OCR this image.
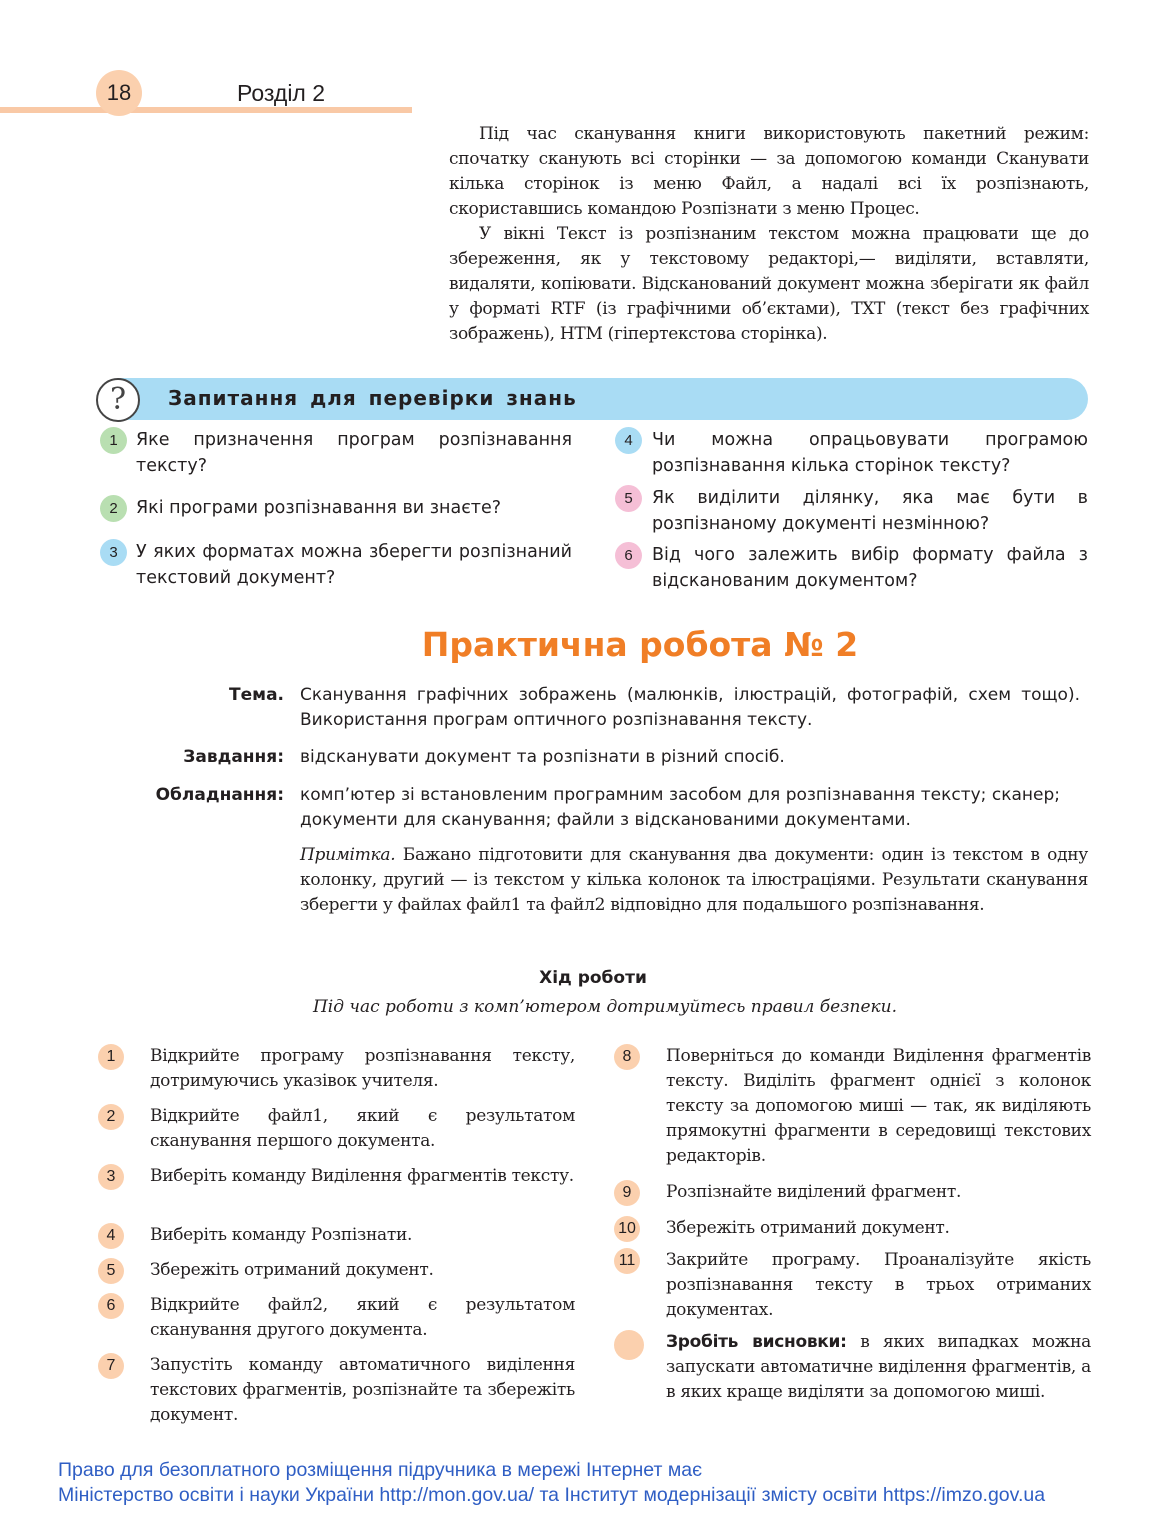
18	Розділ 2

Під час сканування книги використовують пакетний режим: спочатку сканують всі сторінки — за допомогою команди Сканувати кілька сторінок із меню Файл, а надалі всі їх розпізнають, скориставшись командою Розпізнати з меню Процес.

У вікні Текст із розпізнаним текстом можна працювати ще до збереження, як у текстовому редакторі,— виділяти, вставляти, видаляти, копіювати. Відсканований документ можна зберігати як файл у форматі RTF (із графічними об’єктами), TXT (текст без графічних зображень), HTM (гіпертекстова сторінка).

?	Запитання для перевірки знань
1	Яке призначення програм розпізнавання тексту?

2	Які програми розпізнавання ви знаєте?

3	У яких форматах можна зберегти розпізнаний текстовий документ?

4	Чи можна опрацьовувати програмою розпізнавання кілька сторінок тексту?

5	Як виділити ділянку, яка має бути в розпізнаному документі незмінною?

6	Від чого залежить вибір формату файла з відсканованим документом?

Практична робота № 2
Тема. Сканування графічних зображень (малюнків, ілюстрацій, фотографій, схем тощо). Використання програм оптичного розпізнавання тексту.

Завдання: відсканувати документ та розпізнати в різний спосіб.

Обладнання: комп’ютер зі встановленим програмним засобом для розпізнавання тексту; сканер; документи для сканування; файли з відсканованими документами.

Примітка. Бажано підготовити для сканування два документи: один із текстом в одну колонку, другий — із текстом у кілька колонок та ілюстраціями. Результати сканування зберегти у файлах файл1 та файл2 відповідно для подальшого розпізнавання.

Хід роботи
Під час роботи з комп’ютером дотримуйтесь правил безпеки.
1	Відкрийте програму розпізнавання тексту, дотримуючись указівок учителя.

2	Відкрийте файл1, який є результатом сканування першого документа.

3	Виберіть команду Виділення фрагментів тексту.

4	Виберіть команду Розпізнати.

5	Збережіть отриманий документ.

6	Відкрийте файл2, який є результатом сканування другого документа.

7	Запустіть команду автоматичного виділення текстових фрагментів, розпізнайте та збережіть документ.

8	Поверніться до команди Виділення фрагментів тексту. Виділіть фрагмент однієї з колонок тексту за допомогою миші — так, як виділяють прямокутні фрагменти в середовищі текстових редакторів.

9	Розпізнайте виділений фрагмент.

10 Збережіть отриманий документ.

11 Закрийте програму. Проаналізуйте якість розпізнавання тексту в трьох отриманих документах.

Зробіть висновки: в яких випадках можна запускати автоматичне виділення фрагментів, а в яких краще виділяти за допомогою миші.

Право для безоплатного розміщення підручника в мережі Інтернет має
Міністерство освіти і науки України http://mon.gov.ua/ та Інститут модернізації змісту освіти https://imzo.gov.ua
